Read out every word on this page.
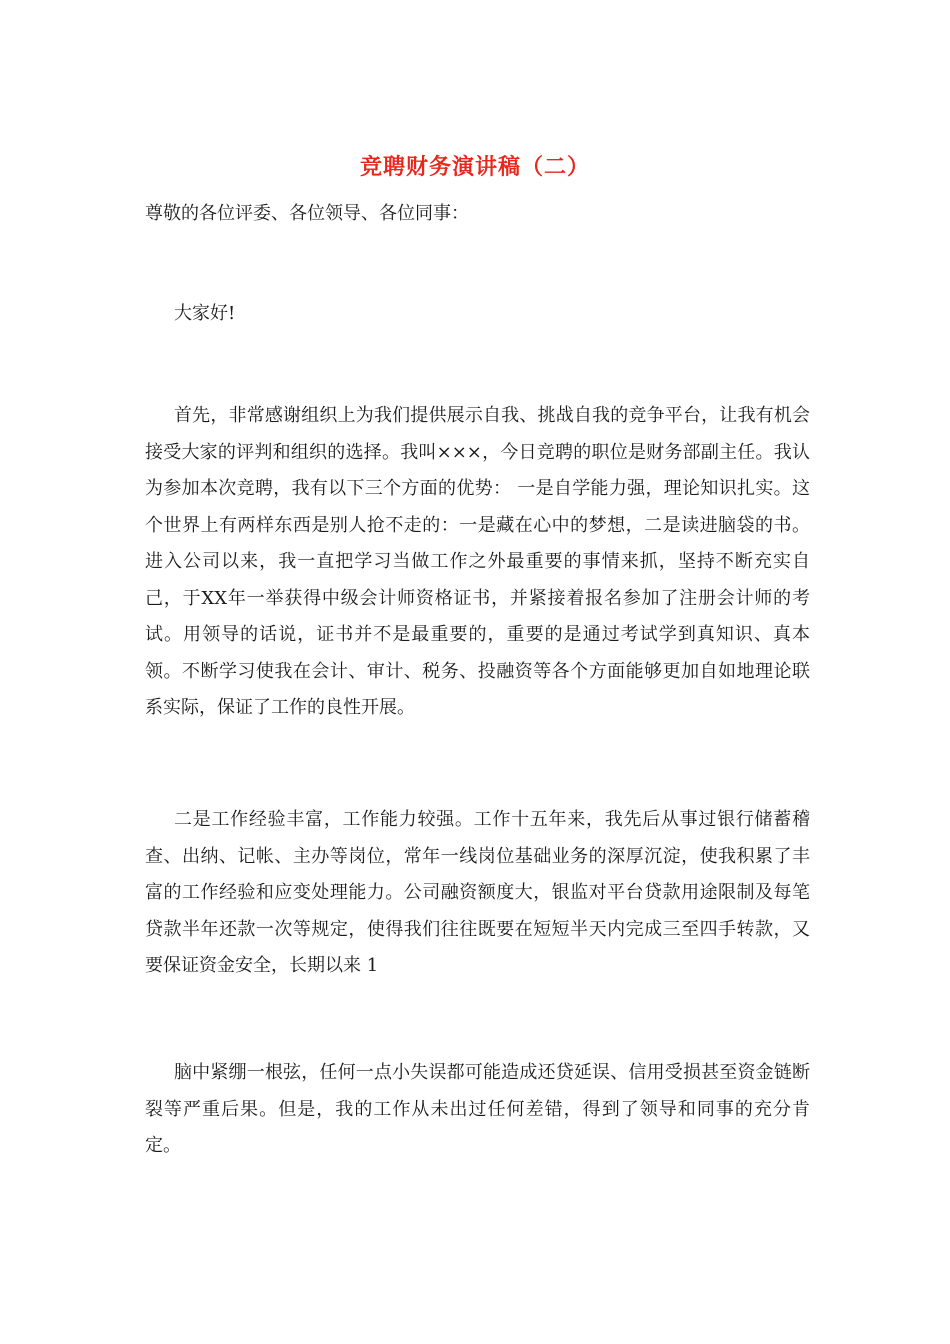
竞聘财务演讲稿（二）

尊敬的各位评委、各位领导、各位同事：

大家好!

首先，非常感谢组织上为我们提供展示自我、挑战自我的竞争平台，让我有机会接受大家的评判和组织的选择。我叫×××，今日竞聘的职位是财务部副主任。我认为参加本次竞聘，我有以下三个方面的优势： 一是自学能力强，理论知识扎实。这个世界上有两样东西是别人抢不走的：一是藏在心中的梦想，二是读进脑袋的书。进入公司以来，我一直把学习当做工作之外最重要的事情来抓，坚持不断充实自己，于XX年一举获得中级会计师资格证书，并紧接着报名参加了注册会计师的考试。用领导的话说，证书并不是最重要的，重要的是通过考试学到真知识、真本领。不断学习使我在会计、审计、税务、投融资等各个方面能够更加自如地理论联系实际，保证了工作的良性开展。

二是工作经验丰富，工作能力较强。工作十五年来，我先后从事过银行储蓄稽查、出纳、记帐、主办等岗位，常年一线岗位基础业务的深厚沉淀，使我积累了丰富的工作经验和应变处理能力。公司融资额度大，银监对平台贷款用途限制及每笔贷款半年还款一次等规定，使得我们往往既要在短短半天内完成三至四手转款，又要保证资金安全，长期以来 1

脑中紧绷一根弦，任何一点小失误都可能造成还贷延误、信用受损甚至资金链断裂等严重后果。但是，我的工作从未出过任何差错，得到了领导和同事的充分肯定。
